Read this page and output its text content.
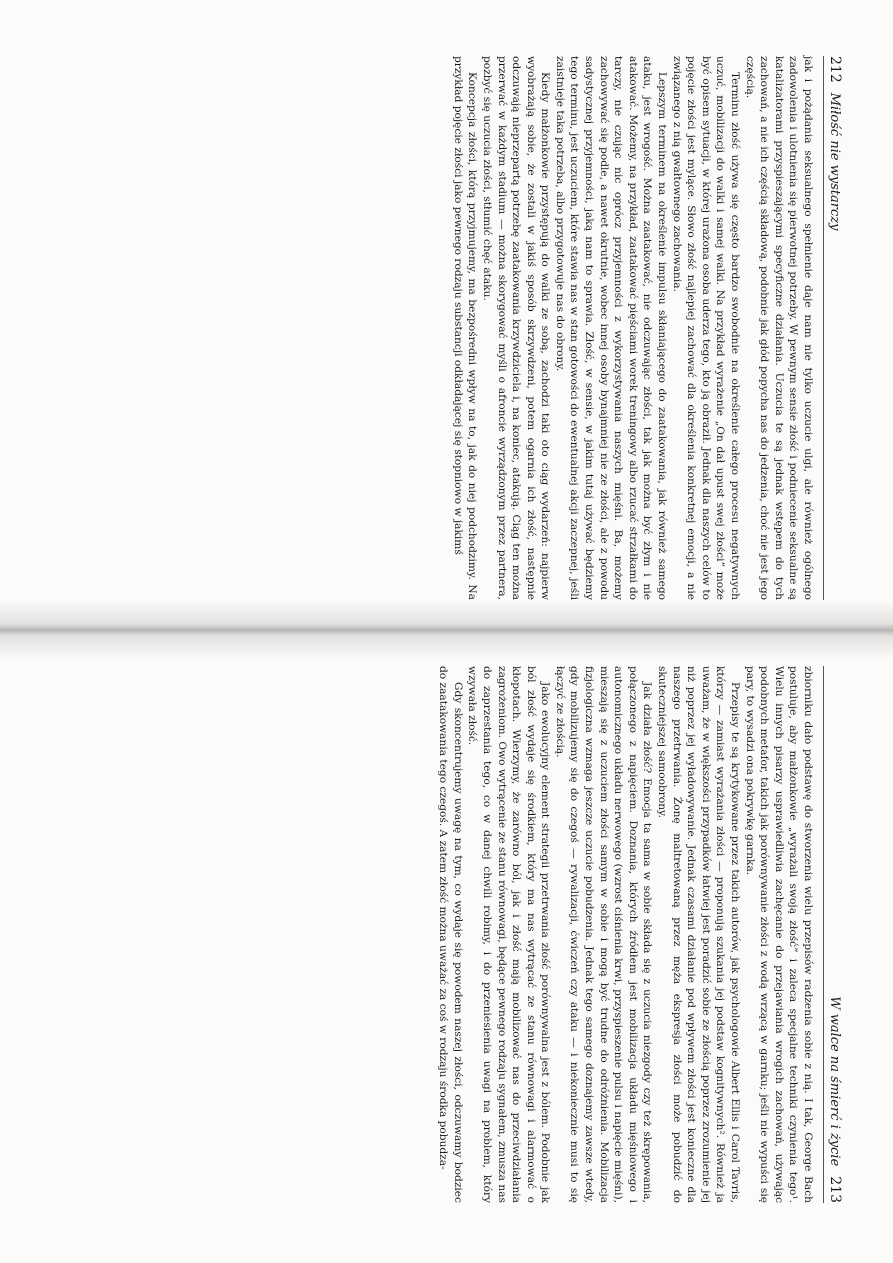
212
Miłość nie wystarczy

jak i pożądania seksualnego spełnienie daje nam nie tylko uczucie ulgi, ale również ogólnego zadowolenia i ulotnienia się pierwotnej potrzeby. W pewnym sensie złość i podniecenie seksualne są katalizatorami przyspieszającymi specyficzne działania. Uczucia te są jednak wstępem do tych zachowań, a nie ich częścią składową, podobnie jak głód popycha nas do jedzenia, choć nie jest jego częścią.

Terminu złość używa się często bardzo swobodnie na określenie całego procesu negatywnych uczuć, mobilizacji do walki i samej walki. Na przykład wyrażenie „On dał upust swej złości” może być opisem sytuacji, w której urażona osoba uderza tego, kto ją obraził. Jednak dla naszych celów to pojęcie złości jest mylące. Słowo złość najlepiej zachować dla określenia konkretnej emocji, a nie związanego z nią gwałtownego zachowania.

Lepszym terminem na określenie impulsu skłaniającego do zaatakowania, jak również samego ataku, jest wrogość. Można zaatakować, nie odczuwając złości, tak jak można być złym i nie atakować. Możemy, na przykład, zaatakować pięściami worek treningowy albo rzucać strzałkami do tarczy, nie czując nic oprócz przyjemności z wykorzystywania naszych mięśni. Ba, możemy zachowywać się podle, a nawet okrutnie, wobec innej osoby bynajmniej nie ze złości, ale z powodu sadystycznej przyjemności, jaką nam to sprawia. Złość, w sensie, w jakim tutaj używać będziemy tego terminu, jest uczuciem, które stawia nas w stan gotowości do ewentualnej akcji zaczepnej, jeśli zaistnieje taka potrzeba, albo przygotowuje nas do obrony.

Kiedy małżonkowie przystępują do walki ze sobą, zachodzi taki oto ciąg wydarzeń: najpierw wyobrażają sobie, że zostali w jakiś sposób skrzywdzeni, potem ogarnia ich złość, następnie odczuwają nieprzepartą potrzebę zaatakowania krzywdziciela i, na koniec, atakują. Ciąg ten można przerwać w każdym stadium — można skorygować myśli o afroncie wyrządzonym przez partnera, pozbyć się uczucia złości, stłumić chęć ataku.

Koncepcja złości, którą przyjmujemy, ma bezpośredni wpływ na to, jak do niej podchodzimy. Na przykład pojęcie złości jako pewnego rodzaju substancji odkładającej się stopniowo w jakimś

W walce na śmierć i życie
213

zbiorniku dało podstawę do stworzenia wielu przepisów radzenia sobie z nią. I tak, George Bach postuluje, aby małżonkowie „wyrażali swoją złość” i zaleca specjalne techniki czynienia tego¹. Wielu innych pisarzy usprawiedliwia zachęcanie do przejawiania wrogich zachowań, używając podobnych metafor, takich jak porównywanie złości z wodą wrzącą w garnku; jeśli nie wypuści się pary, to wysadzi ona pokrywkę garnka.

Przepisy te są krytykowane przez takich autorów, jak psychologowie Albert Ellis i Carol Tavris, którzy — zamiast wyrażania złości — proponują szukania jej podstaw kognitywnych². Również ja uważam, że w większości przypadków łatwiej jest poradzić sobie ze złością poprzez zrozumienie jej niż poprzez jej wyładowywanie. Jednak czasami działanie pod wpływem złości jest konieczne dla naszego przetrwania. Żonę maltretowaną przez męża ekspresja złości może pobudzić do skuteczniejszej samoobrony.

Jak działa złość? Emocja ta sama w sobie składa się z uczucia niezgody czy też skrępowania, połączonego z napięciem. Doznania, których źródłem jest mobilizacja układu mięśniowego i autonomicznego układu nerwowego (wzrost ciśnienia krwi, przyspieszenie pulsu i napięcie mięśni), mieszają się z uczuciem złości samym w sobie i mogą być trudne do odróżnienia. Mobilizacja fizjologiczna wzmaga jeszcze uczucie pobudzenia. Jednak tego samego doznajemy zawsze wtedy, gdy mobilizujemy się do czegoś — rywalizacji, ćwiczeń czy ataku — i niekoniecznie musi to się łączyć ze złością.

Jako ewolucyjny element strategii przetrwania złość porównywalna jest z bólem. Podobnie jak ból złość wydaje się środkiem, który ma nas wytrącać ze stanu równowagi i alarmować o kłopotach. Wierzymy, że zarówno ból, jak i złość mają mobilizować nas do przeciwdziałania zagrożeniom. Owo wytrącenie ze stanu równowagi, będące pewnego rodzaju sygnałem, zmusza nas do zaprzestania tego, co w danej chwili robimy, i do przeniesienia uwagi na problem, który wzywała złość.

Gdy skoncentrujemy uwagę na tym, co wydaje się powodem naszej złości, odczuwamy bodziec do zaatakowania tego czegoś. A zatem złość można uważać za coś w rodzaju środka pobudza-
